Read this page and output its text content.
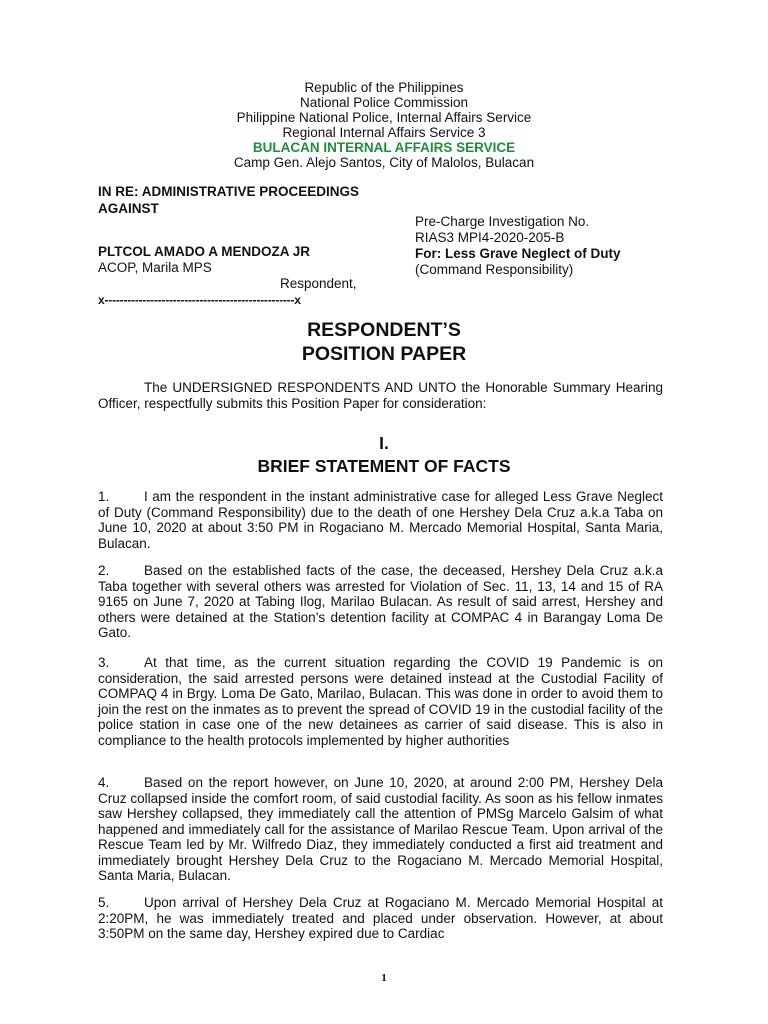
Republic of the Philippines
National Police Commission
Philippine National Police, Internal Affairs Service
Regional Internal Affairs Service 3
BULACAN INTERNAL AFFAIRS SERVICE
Camp Gen. Alejo Santos, City of Malolos, Bulacan
IN RE: ADMINISTRATIVE PROCEEDINGS
AGAINST
Pre-Charge Investigation No.
RIAS3 MPI4-2020-205-B
For: Less Grave Neglect of Duty
(Command Responsibility)
PLTCOL AMADO A MENDOZA JR
ACOP, Marila MPS
Respondent,
x--------------------------------------------------x
RESPONDENT’S
POSITION PAPER
The UNDERSIGNED RESPONDENTS AND UNTO the Honorable Summary Hearing Officer, respectfully submits this Position Paper for consideration:
I.
BRIEF STATEMENT OF FACTS
1.	I am the respondent in the instant administrative case for alleged Less Grave Neglect of Duty (Command Responsibility) due to the death of one Hershey Dela Cruz a.k.a Taba on June 10, 2020 at about 3:50 PM in Rogaciano M. Mercado Memorial Hospital, Santa Maria, Bulacan.
2.	Based on the established facts of the case, the deceased, Hershey Dela Cruz a.k.a Taba together with several others was arrested for Violation of Sec. 11, 13, 14 and 15 of RA 9165 on June 7, 2020 at Tabing Ilog, Marilao Bulacan. As result of said arrest, Hershey and others were detained at the Station’s detention facility at COMPAC 4 in Barangay Loma De Gato.
3.	At that time, as the current situation regarding the COVID 19 Pandemic is on consideration, the said arrested persons were detained instead at the Custodial Facility of COMPAQ 4 in Brgy. Loma De Gato, Marilao, Bulacan. This was done in order to avoid them to join the rest on the inmates as to prevent the spread of COVID 19 in the custodial facility of the police station in case one of the new detainees as carrier of said disease. This is also in compliance to the health protocols implemented by higher authorities
4.	Based on the report however, on June 10, 2020, at around 2:00 PM, Hershey Dela Cruz collapsed inside the comfort room, of said custodial facility. As soon as his fellow inmates saw Hershey collapsed, they immediately call the attention of PMSg Marcelo Galsim of what happened and immediately call for the assistance of Marilao Rescue Team. Upon arrival of the Rescue Team led by Mr. Wilfredo Diaz, they immediately conducted a first aid treatment and immediately brought Hershey Dela Cruz to the Rogaciano M. Mercado Memorial Hospital, Santa Maria, Bulacan.
5.	Upon arrival of Hershey Dela Cruz at Rogaciano M. Mercado Memorial Hospital at 2:20PM, he was immediately treated and placed under observation. However, at about 3:50PM on the same day, Hershey expired due to Cardiac
1
